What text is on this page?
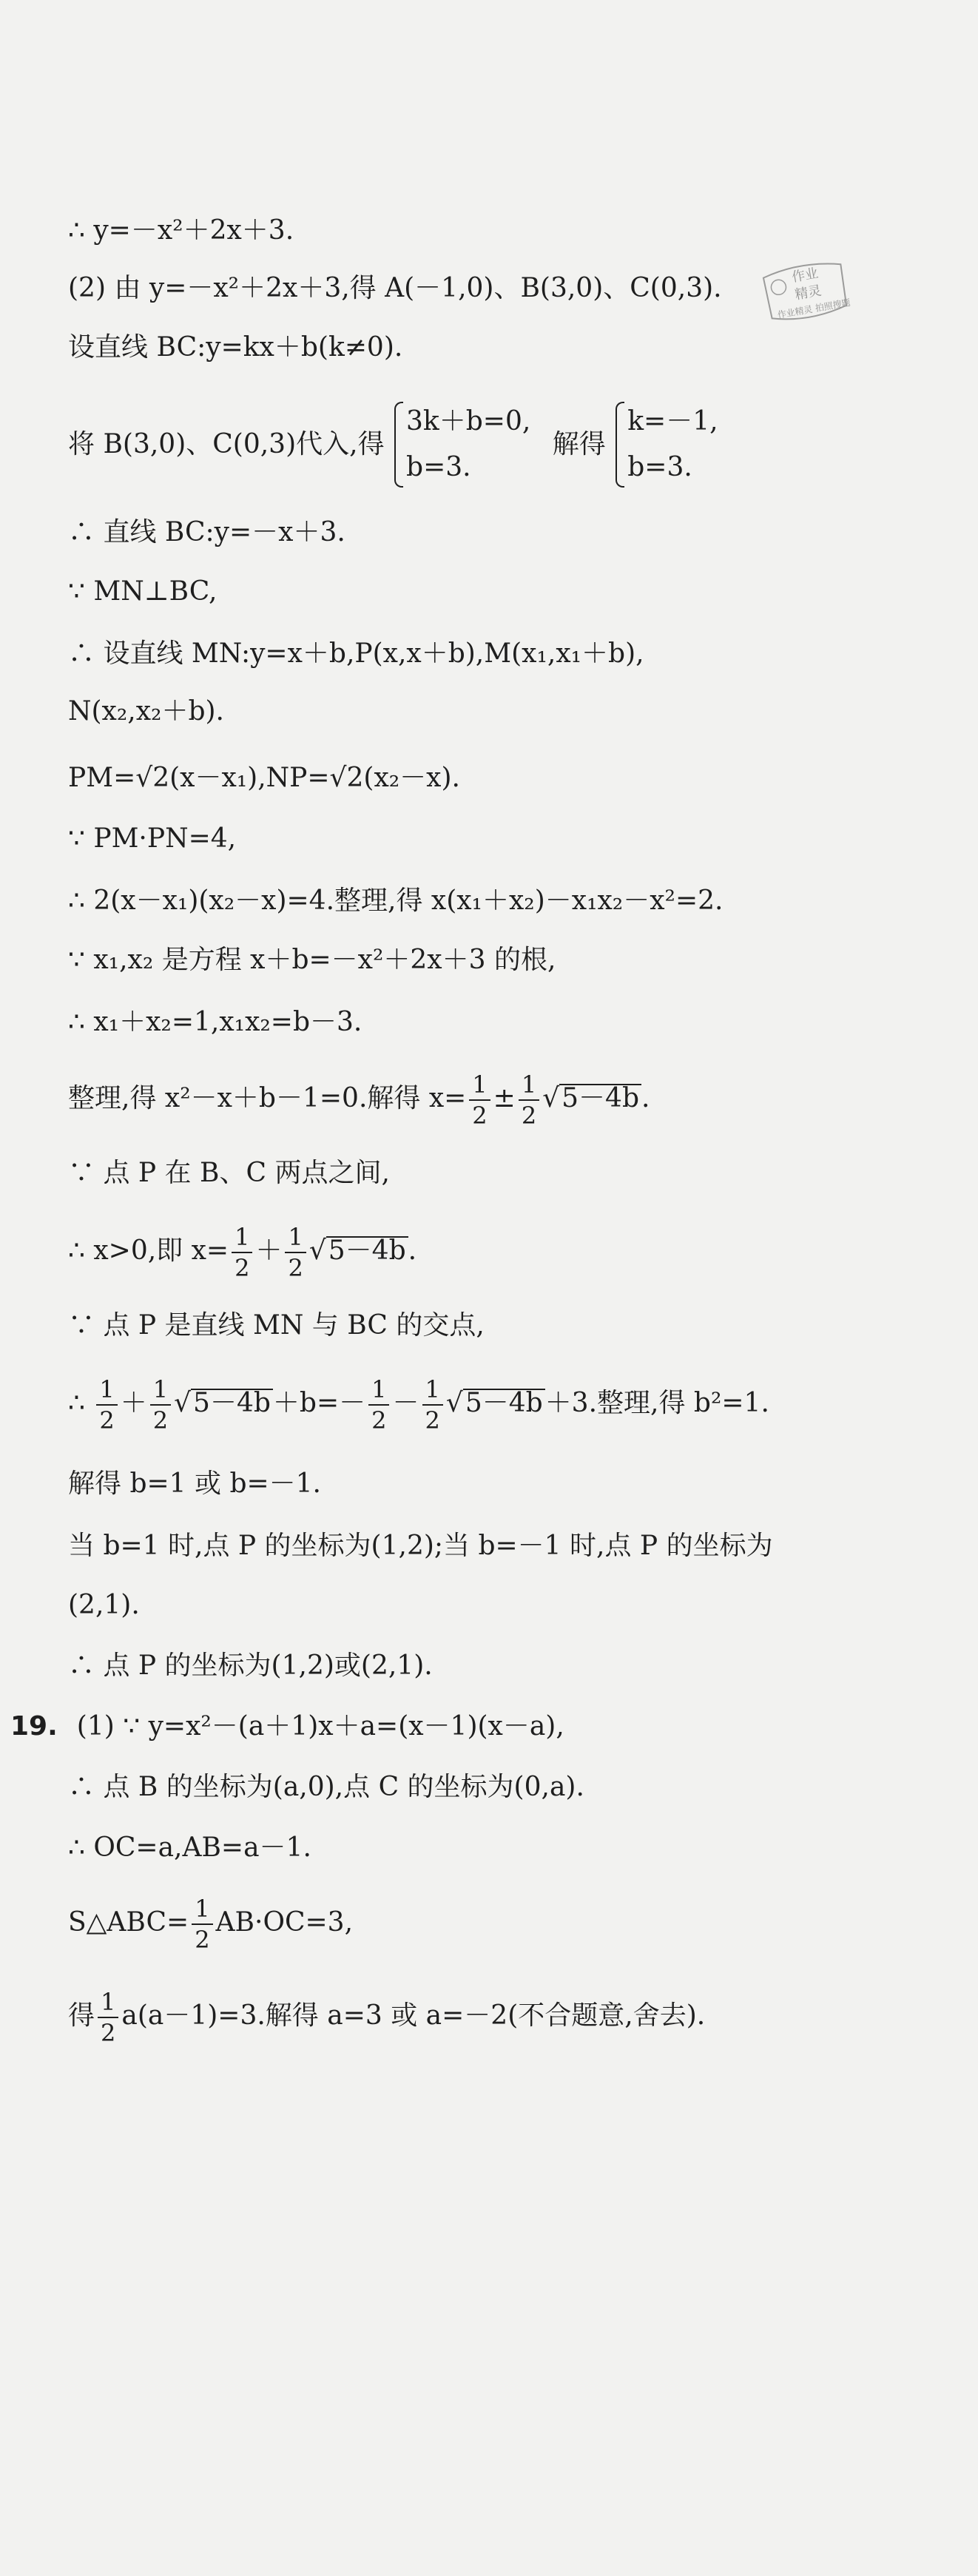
∴ y=－x²＋2x＋3.
(2) 由 y=－x²＋2x＋3,得 A(－1,0)、B(3,0)、C(0,3).	作业
精灵
作业精灵 拍照搜题
设直线 BC:y=kx＋b(k≠0).
将 B(3,0)、C(0,3)代入,得
3k＋b=0,
b=3.
解得
k=－1,
b=3.
∴ 直线 BC:y=－x＋3.
∵ MN⊥BC,
∴ 设直线 MN:y=x＋b,P(x,x＋b),M(x₁,x₁＋b),
N(x₂,x₂＋b).
PM=√2(x－x₁),NP=√2(x₂－x).
∵ PM·PN=4,
∴ 2(x－x₁)(x₂－x)=4.整理,得 x(x₁＋x₂)－x₁x₂－x²=2.
∵ x₁,x₂ 是方程 x＋b=－x²＋2x＋3 的根,
∴ x₁＋x₂=1,x₁x₂=b－3.
整理,得 x²－x＋b－1=0.解得 $x= \frac{1}{2} \pm \frac{1}{2} √5-4b$.
∵ 点 P 在 B、C 两点之间,
∴ x>0,即 $x= \frac{1}{2} + \frac{1}{2} √5-4b$.
∵ 点 P 是直线 MN 与 BC 的交点,
∴ $\frac{1}{2} + \frac{1}{2} √5-4b+b=- \frac{1}{2} - \frac{1}{2} √5-4b+3$.整理,得 b²=1.
解得 b=1 或 b=－1.
当 b=1 时,点 P 的坐标为(1,2);当 b=－1 时,点 P 的坐标为
(2,1).
∴ 点 P 的坐标为(1,2)或(2,1).
19. (1) ∵ y=x²－(a＋1)x＋a=(x－1)(x－a),
∴ 点 B 的坐标为(a,0),点 C 的坐标为(0,a).
∴ OC=a,AB=a－1.
S△ABC= $\frac{1}{2} AB\cdot OC=3$,
得 $\frac{1}{2} a(a-1)=3$.解得 a=3 或 a=－2(不合题意,舍去).
